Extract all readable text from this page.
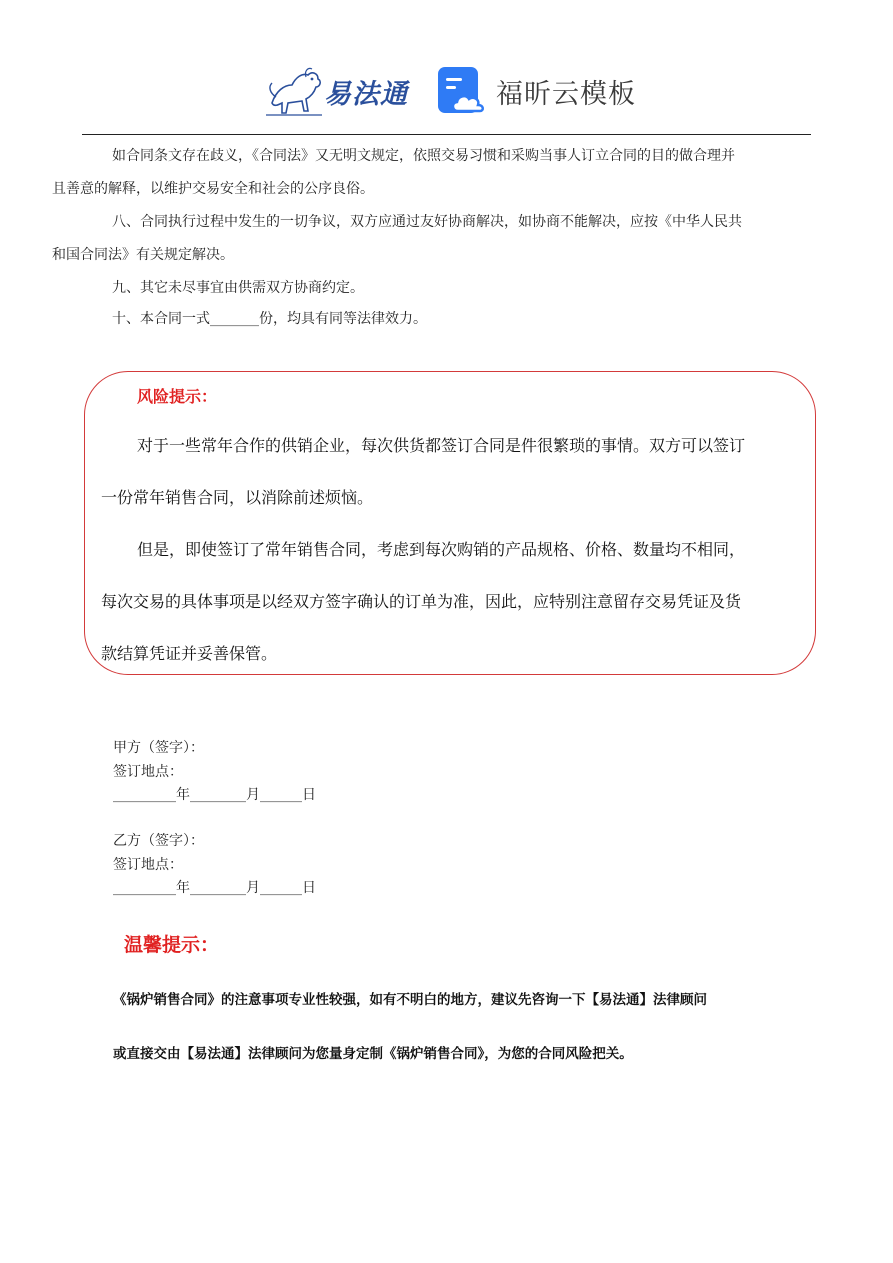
易法通	福昕云模板

如合同条文存在歧义，《合同法》又无明文规定，依照交易习惯和采购当事人订立合同的目的做合理并
且善意的解释，以维护交易安全和社会的公序良俗。

八、合同执行过程中发生的一切争议，双方应通过友好协商解决，如协商不能解决，应按《中华人民共
和国合同法》有关规定解决。

九、其它未尽事宜由供需双方协商约定。

十、本合同一式_______份，均具有同等法律效力。

风险提示：

对于一些常年合作的供销企业，每次供货都签订合同是件很繁琐的事情。双方可以签订
一份常年销售合同，以消除前述烦恼。

但是，即使签订了常年销售合同，考虑到每次购销的产品规格、价格、数量均不相同，
每次交易的具体事项是以经双方签字确认的订单为准，因此，应特别注意留存交易凭证及货
款结算凭证并妥善保管。

甲方（签字）：
签订地点：
_________年________月______日
乙方（签字）：
签订地点：
_________年________月______日
温馨提示：

《锅炉销售合同》的注意事项专业性较强，如有不明白的地方，建议先咨询一下【易法通】法律顾问
或直接交由【易法通】法律顾问为您量身定制《锅炉销售合同》，为您的合同风险把关。
